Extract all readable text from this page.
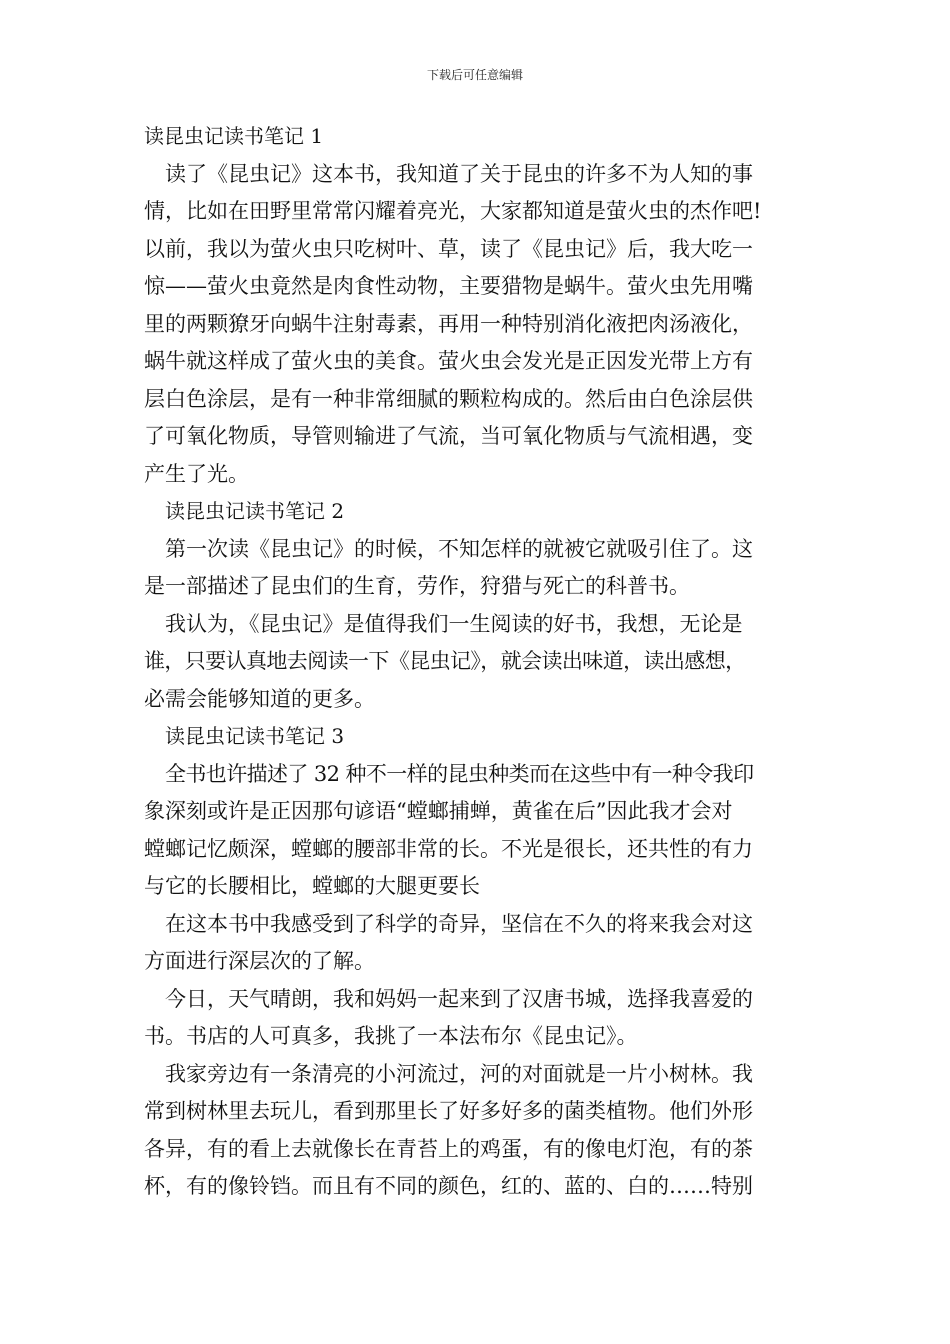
下载后可任意编辑
读昆虫记读书笔记 1
读了《昆虫记》这本书，我知道了关于昆虫的许多不为人知的事
情，比如在田野里常常闪耀着亮光，大家都知道是萤火虫的杰作吧!
以前，我以为萤火虫只吃树叶、草，读了《昆虫记》后，我大吃一
惊——萤火虫竟然是肉食性动物，主要猎物是蜗牛。萤火虫先用嘴
里的两颗獠牙向蜗牛注射毒素，再用一种特别消化液把肉汤液化，
蜗牛就这样成了萤火虫的美食。萤火虫会发光是正因发光带上方有
层白色涂层，是有一种非常细腻的颗粒构成的。然后由白色涂层供
了可氧化物质，导管则输进了气流，当可氧化物质与气流相遇，变
产生了光。
读昆虫记读书笔记 2
第一次读《昆虫记》的时候，不知怎样的就被它就吸引住了。这
是一部描述了昆虫们的生育，劳作，狩猎与死亡的科普书。
我认为，《昆虫记》是值得我们一生阅读的好书，我想，无论是
谁，只要认真地去阅读一下《昆虫记》，就会读出味道，读出感想，
必需会能够知道的更多。
读昆虫记读书笔记 3
全书也许描述了 32 种不一样的昆虫种类而在这些中有一种令我印
象深刻或许是正因那句谚语“螳螂捕蝉，黄雀在后”因此我才会对
螳螂记忆颇深，螳螂的腰部非常的长。不光是很长，还共性的有力
与它的长腰相比，螳螂的大腿更要长
在这本书中我感受到了科学的奇异，坚信在不久的将来我会对这
方面进行深层次的了解。
今日，天气晴朗，我和妈妈一起来到了汉唐书城，选择我喜爱的
书。书店的人可真多，我挑了一本法布尔《昆虫记》。
我家旁边有一条清亮的小河流过，河的对面就是一片小树林。我
常到树林里去玩儿，看到那里长了好多好多的菌类植物。他们外形
各异，有的看上去就像长在青苔上的鸡蛋，有的像电灯泡，有的茶
杯，有的像铃铛。而且有不同的颜色，红的、蓝的、白的……特别
